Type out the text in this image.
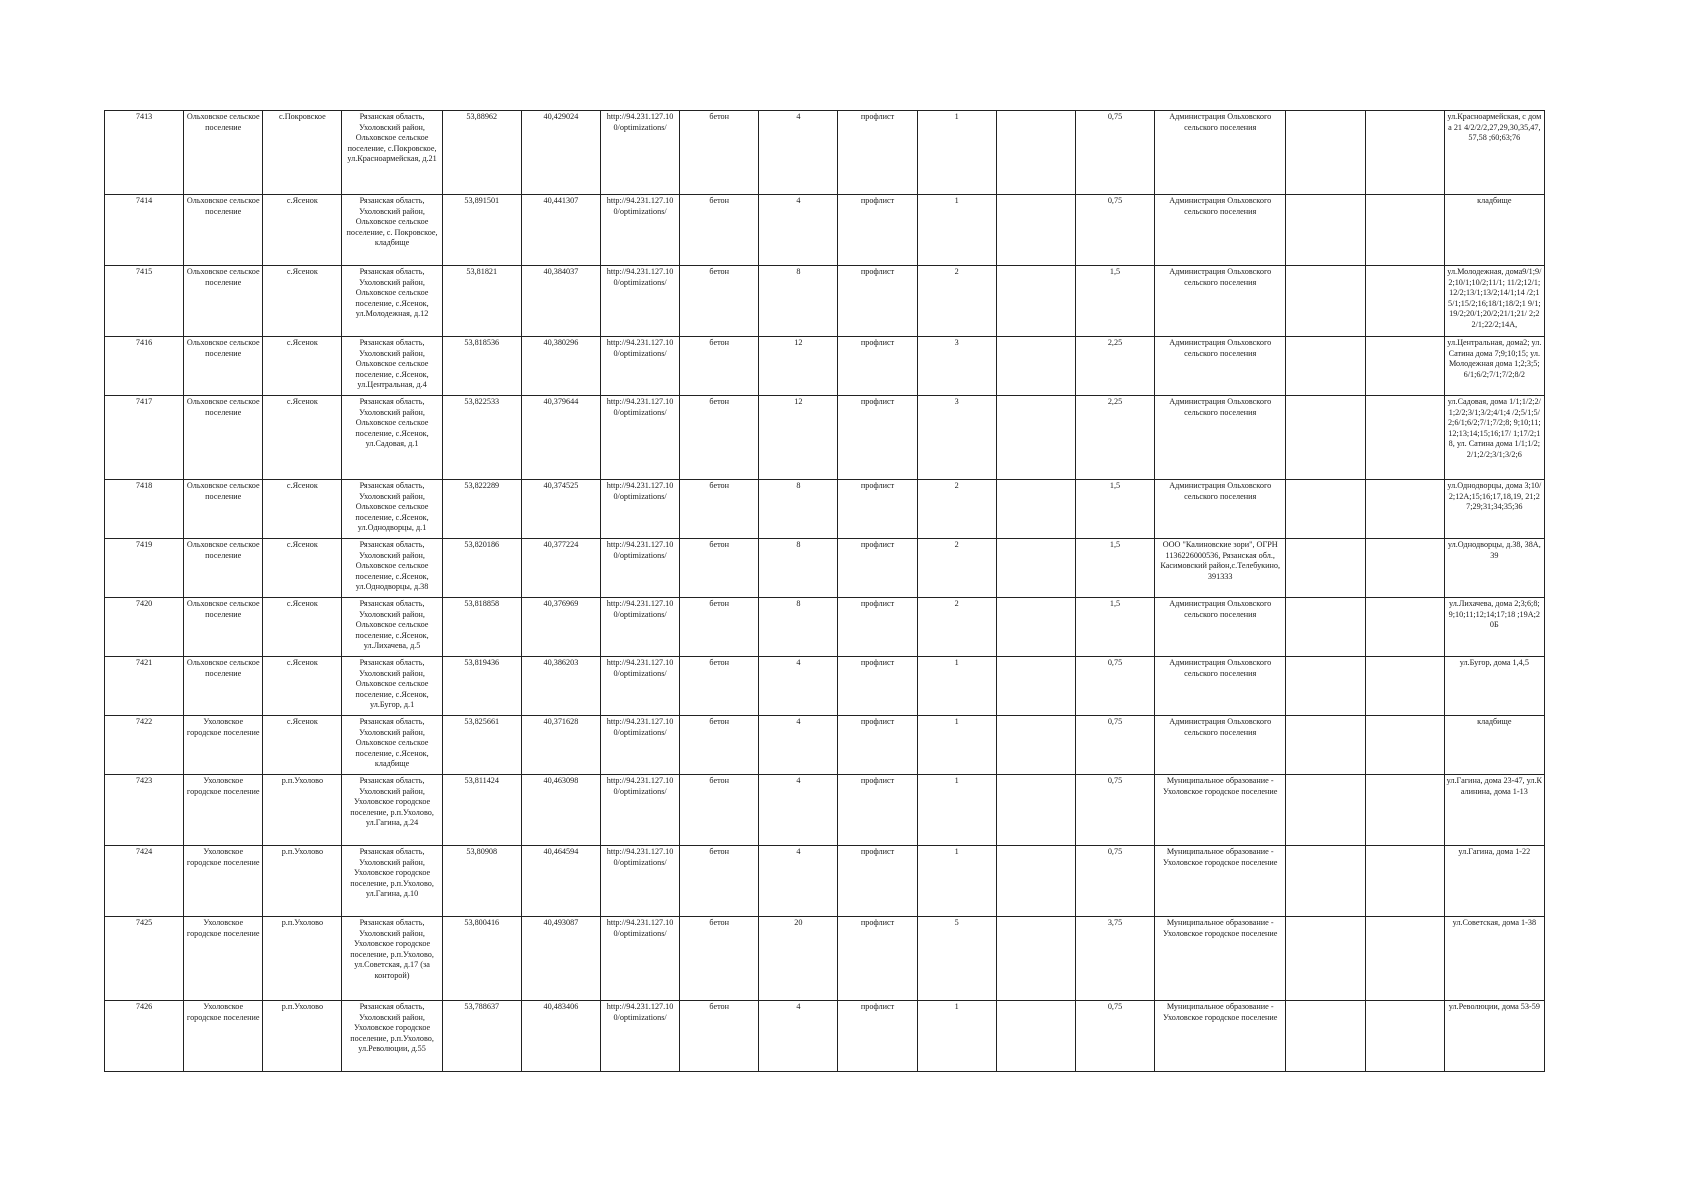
7413	Ольховское сельское поселение	с.Покровское	Рязанская область, Ухоловский район, Ольховское сельское поселение, с.Покровское, ул.Красноармейская, д.21	53,88962	40,429024	http://94.231.127.10 0/optimizations/	бетон	4	профлист	1		0,75	Администрация Ольховского сельского поселения			ул.Красноармейская, с дома 21 4/2/2/2,27,29,30,35,47,57,58 ;60;63;76
7414	Ольховское сельское поселение	с.Ясенок	Рязанская область, Ухоловский район, Ольховское сельское поселение, с. Покровское, кладбище	53,891501	40,441307	http://94.231.127.10 0/optimizations/	бетон	4	профлист	1		0,75	Администрация Ольховского сельского поселения			кладбище
7415	Ольховское сельское поселение	с.Ясенок	Рязанская область, Ухоловский район, Ольховское сельское поселение, с.Ясенок, ул.Молодежная, д.12	53,81821	40,384037	http://94.231.127.10 0/optimizations/	бетон	8	профлист	2		1,5	Администрация Ольховского сельского поселения			ул.Молодежная, дома9/1;9/2;10/1;10/2;11/1; 11/2;12/1;12/2;13/1;13/2;14/1;14 /2;15/1;15/2;16;18/1;18/2;1 9/1;19/2;20/1;20/2;21/1;21/ 2;22/1;22/2;14А,
7416	Ольховское сельское поселение	с.Ясенок	Рязанская область, Ухоловский район, Ольховское сельское поселение, с.Ясенок, ул.Центральная, д.4	53,818536	40,380296	http://94.231.127.10 0/optimizations/	бетон	12	профлист	3		2,25	Администрация Ольховского сельского поселения			ул.Центральная, дома2; ул. Сатина дома 7;9;10;15; ул. Молодежная дома 1;2;3;5;6/1;6/2;7/1;7/2;8/2
7417	Ольховское сельское поселение	с.Ясенок	Рязанская область, Ухоловский район, Ольховское сельское поселение, с.Ясенок, ул.Садовая, д.1	53,822533	40,379644	http://94.231.127.10 0/optimizations/	бетон	12	профлист	3		2,25	Администрация Ольховского сельского поселения			ул.Садовая, дома 1/1;1/2;2/1;2/2;3/1;3/2;4/1;4 /2;5/1;5/2;6/1;6/2;7/1;7/2;8; 9;10;11;12;13;14;15;16;17/ 1;17/2;18, ул. Сатина дома 1/1;1/2;2/1;2/2;3/1;3/2;6
7418	Ольховское сельское поселение	с.Ясенок	Рязанская область, Ухоловский район, Ольховское сельское поселение, с.Ясенок, ул.Однодворцы, д.1	53,822289	40,374525	http://94.231.127.10 0/optimizations/	бетон	8	профлист	2		1,5	Администрация Ольховского сельского поселения			ул.Однодворцы, дома 3;10/2;12А;15;16;17,18,19, 21;27;29;31;34;35;36
7419	Ольховское сельское поселение	с.Ясенок	Рязанская область, Ухоловский район, Ольховское сельское поселение, с.Ясенок, ул.Однодворцы, д.38	53,820186	40,377224	http://94.231.127.10 0/optimizations/	бетон	8	профлист	2		1,5	ООО "Калиновские зори", ОГРН 1136226000536, Рязанская обл., Касимовский район,с.Телебукино, 391333			ул.Однодворцы, д.38, 38А, 39
7420	Ольховское сельское поселение	с.Ясенок	Рязанская область, Ухоловский район, Ольховское сельское поселение, с.Ясенок, ул.Лихачева, д.5	53,818858	40,376969	http://94.231.127.10 0/optimizations/	бетон	8	профлист	2		1,5	Администрация Ольховского сельского поселения			ул.Лихачева, дома 2;3;6;8;9;10;11;12;14;17;18 ;19А;20Б
7421	Ольховское сельское поселение	с.Ясенок	Рязанская область, Ухоловский район, Ольховское сельское поселение, с.Ясенок, ул.Бугор, д.1	53,819436	40,386203	http://94.231.127.10 0/optimizations/	бетон	4	профлист	1		0,75	Администрация Ольховского сельского поселения			ул.Бугор, дома 1,4,5
7422	Ухоловское городское поселение	с.Ясенок	Рязанская область, Ухоловский район, Ольховское сельское поселение, с.Ясенок, кладбище	53,825661	40,371628	http://94.231.127.10 0/optimizations/	бетон	4	профлист	1		0,75	Администрация Ольховского сельского поселения			кладбище
7423	Ухоловское городское поселение	р.п.Ухолово	Рязанская область, Ухоловский район, Ухоловское городское поселение, р.п.Ухолово, ул.Гагина, д.24	53,811424	40,463098	http://94.231.127.10 0/optimizations/	бетон	4	профлист	1		0,75	Муниципальное образование - Ухоловское городское поселение			ул.Гагина, дома 23-47, ул.Калинина, дома 1-13
7424	Ухоловское городское поселение	р.п.Ухолово	Рязанская область, Ухоловский район, Ухоловское городское поселение, р.п.Ухолово, ул.Гагина, д.10	53,80908	40,464594	http://94.231.127.10 0/optimizations/	бетон	4	профлист	1		0,75	Муниципальное образование - Ухоловское городское поселение			ул.Гагина, дома 1-22
7425	Ухоловское городское поселение	р.п.Ухолово	Рязанская область, Ухоловский район, Ухоловское городское поселение, р.п.Ухолово, ул.Советская, д.17 (за конторой)	53,800416	40,493087	http://94.231.127.10 0/optimizations/	бетон	20	профлист	5		3,75	Муниципальное образование - Ухоловское городское поселение			ул.Советская, дома 1-38
7426	Ухоловское городское поселение	р.п.Ухолово	Рязанская область, Ухоловский район, Ухоловское городское поселение, р.п.Ухолово, ул.Революции, д.55	53,788637	40,483406	http://94.231.127.10 0/optimizations/	бетон	4	профлист	1		0,75	Муниципальное образование - Ухоловское городское поселение			ул.Революции, дома 53-59
